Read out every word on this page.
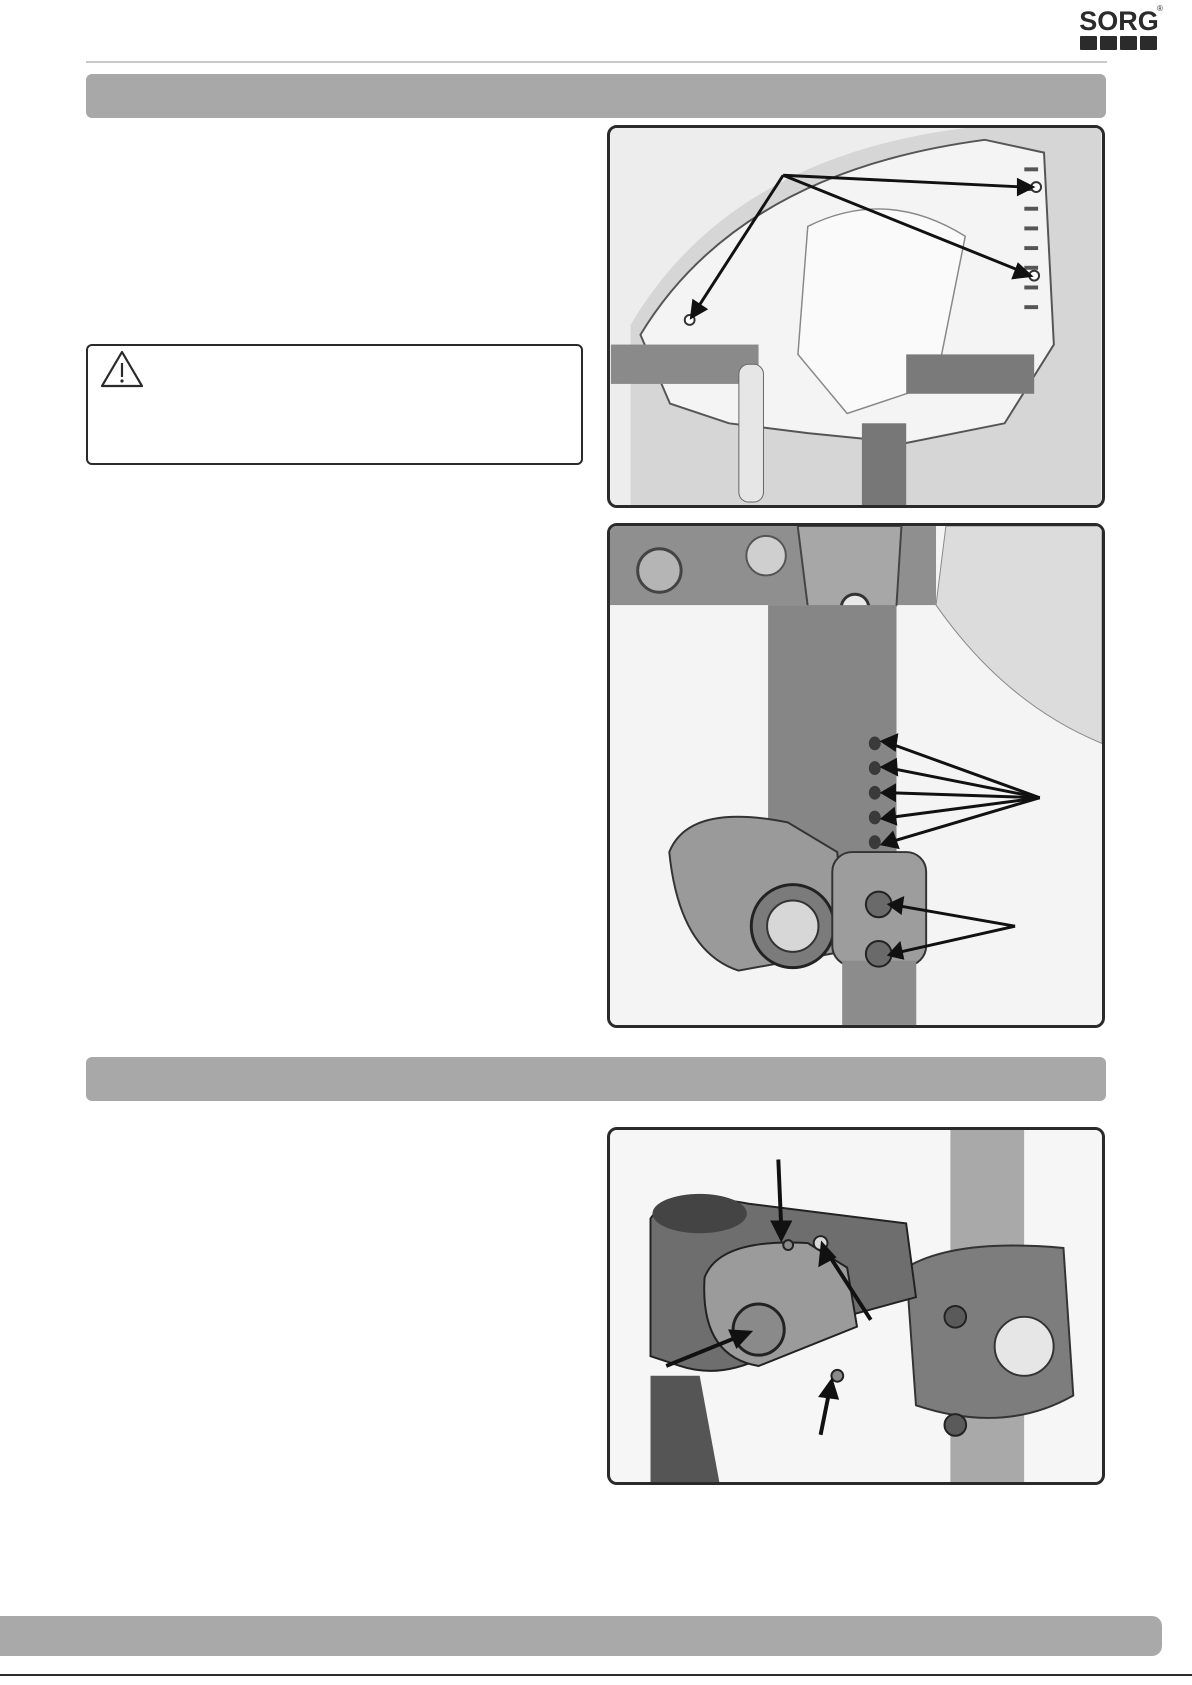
SORG
®
